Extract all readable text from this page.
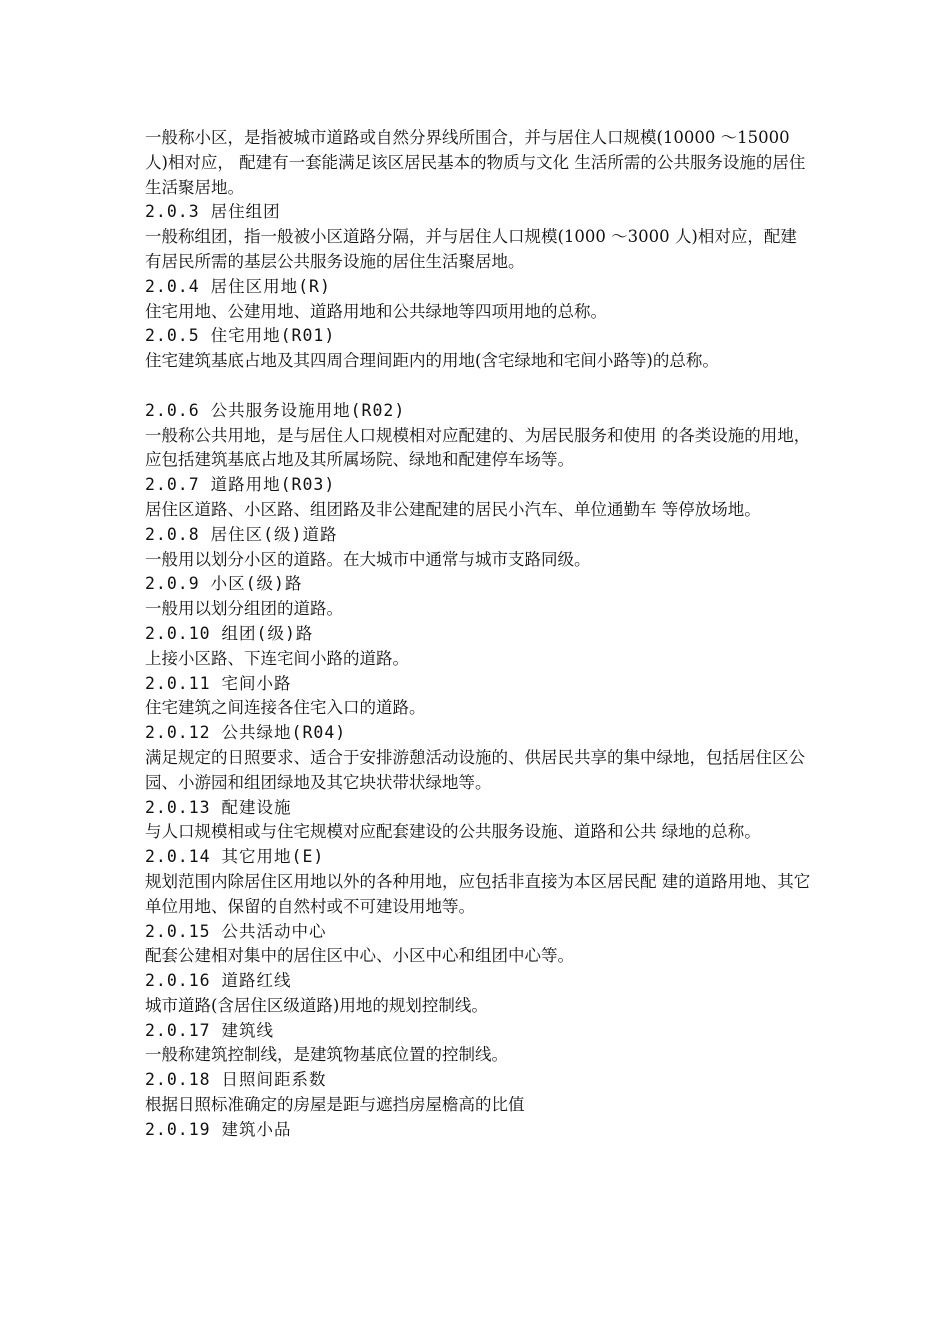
一般称小区，是指被城市道路或自然分界线所围合，并与居住人口规模(10000 ～15000 人)相对应， 配建有一套能满足该区居民基本的物质与文化 生活所需的公共服务设施的居住生活聚居地。

2.0.3 居住组团

一般称组团，指一般被小区道路分隔，并与居住人口规模(1000 ～3000 人)相对应，配建有居民所需的基层公共服务设施的居住生活聚居地。

2.0.4 居住区用地(R)

住宅用地、公建用地、道路用地和公共绿地等四项用地的总称。

2.0.5 住宅用地(R01)

住宅建筑基底占地及其四周合理间距内的用地(含宅绿地和宅间小路等)的总称。

2.0.6 公共服务设施用地(R02)

一般称公共用地，是与居住人口规模相对应配建的、为居民服务和使用 的各类设施的用地，应包括建筑基底占地及其所属场院、绿地和配建停车场等。

2.0.7 道路用地(R03)

居住区道路、小区路、组团路及非公建配建的居民小汽车、单位通勤车 等停放场地。

2.0.8 居住区(级)道路

一般用以划分小区的道路。在大城市中通常与城市支路同级。

2.0.9 小区(级)路

一般用以划分组团的道路。

2.0.10 组团(级)路

上接小区路、下连宅间小路的道路。

2.0.11 宅间小路

住宅建筑之间连接各住宅入口的道路。

2.0.12 公共绿地(R04)

满足规定的日照要求、适合于安排游憩活动设施的、供居民共享的集中绿地，包括居住区公园、小游园和组团绿地及其它块状带状绿地等。

2.0.13 配建设施

与人口规模相或与住宅规模对应配套建设的公共服务设施、道路和公共 绿地的总称。

2.0.14 其它用地(E)

规划范围内除居住区用地以外的各种用地，应包括非直接为本区居民配 建的道路用地、其它单位用地、保留的自然村或不可建设用地等。

2.0.15 公共活动中心

配套公建相对集中的居住区中心、小区中心和组团中心等。

2.0.16 道路红线

城市道路(含居住区级道路)用地的规划控制线。

2.0.17 建筑线

一般称建筑控制线，是建筑物基底位置的控制线。

2.0.18 日照间距系数

根据日照标准确定的房屋是距与遮挡房屋檐高的比值

2.0.19 建筑小品
